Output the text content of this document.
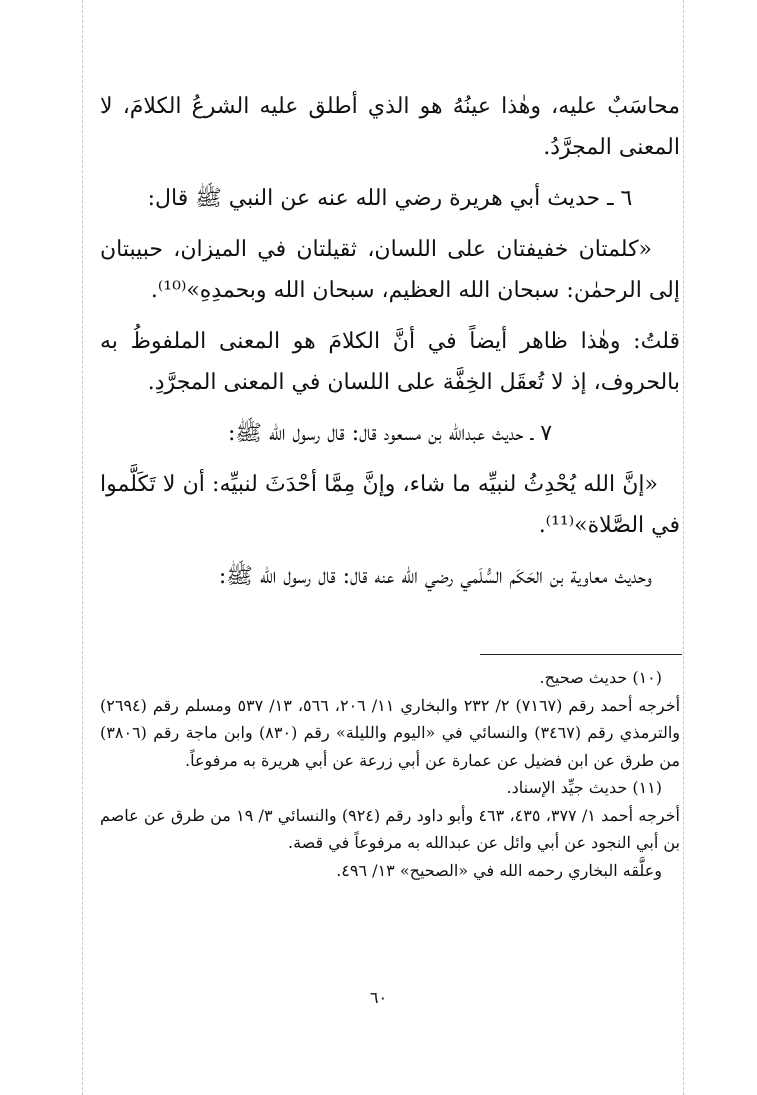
محاسَبٌ عليه، وهٰذا عينُهُ هو الذي أطلق عليه الشرعُ الكلامَ، لا المعنى المجرَّدُ.

٦ ـ حديث أبي هريرة رضي الله عنه عن النبي ﷺ قال:

«كلمتان خفيفتان على اللسان، ثقيلتان في الميزان، حبيبتان إلى الرحمٰن: سبحان الله العظيم، سبحان الله وبحمدِهِ»⁽¹⁰⁾.

قلتُ: وهٰذا ظاهر أيضاً في أنَّ الكلامَ هو المعنى الملفوظُ به بالحروف، إذ لا تُعقَل الخِفَّة على اللسان في المعنى المجرَّدِ.

٧ ـ حديث عبدالله بن مسعود قال: قال رسول الله ﷺ:

«إنَّ الله يُحْدِثُ لنبيِّه ما شاء، وإنَّ مِمَّا أحْدَثَ لنبيِّه: أن لا تَكَلَّموا في الصَّلاة»⁽¹¹⁾.

وحديث معاوية بن الحَكَم السُّلَمي رضي الله عنه قال: قال رسول الله ﷺ:

(١٠) حديث صحيح.

أخرجه أحمد رقم (٧١٦٧) ٢/ ٢٣٢ والبخاري ١١/ ٢٠٦، ٥٦٦، ١٣/ ٥٣٧ ومسلم رقم (٢٦٩٤) والترمذي رقم (٣٤٦٧) والنسائي في «اليوم والليلة» رقم (٨٣٠) وابن ماجة رقم (٣٨٠٦) من طرق عن ابن فضيل عن عمارة عن أبي زرعة عن أبي هريرة به مرفوعاً.

(١١) حديث جيِّد الإسناد.

أخرجه أحمد ١/ ٣٧٧، ٤٣٥، ٤٦٣ وأبو داود رقم (٩٢٤) والنسائي ٣/ ١٩ من طرق عن عاصم بن أبي النجود عن أبي وائل عن عبدالله به مرفوعاً في قصة.

وعلَّقه البخاري رحمه الله في «الصحيح» ١٣/ ٤٩٦.

٦٠
